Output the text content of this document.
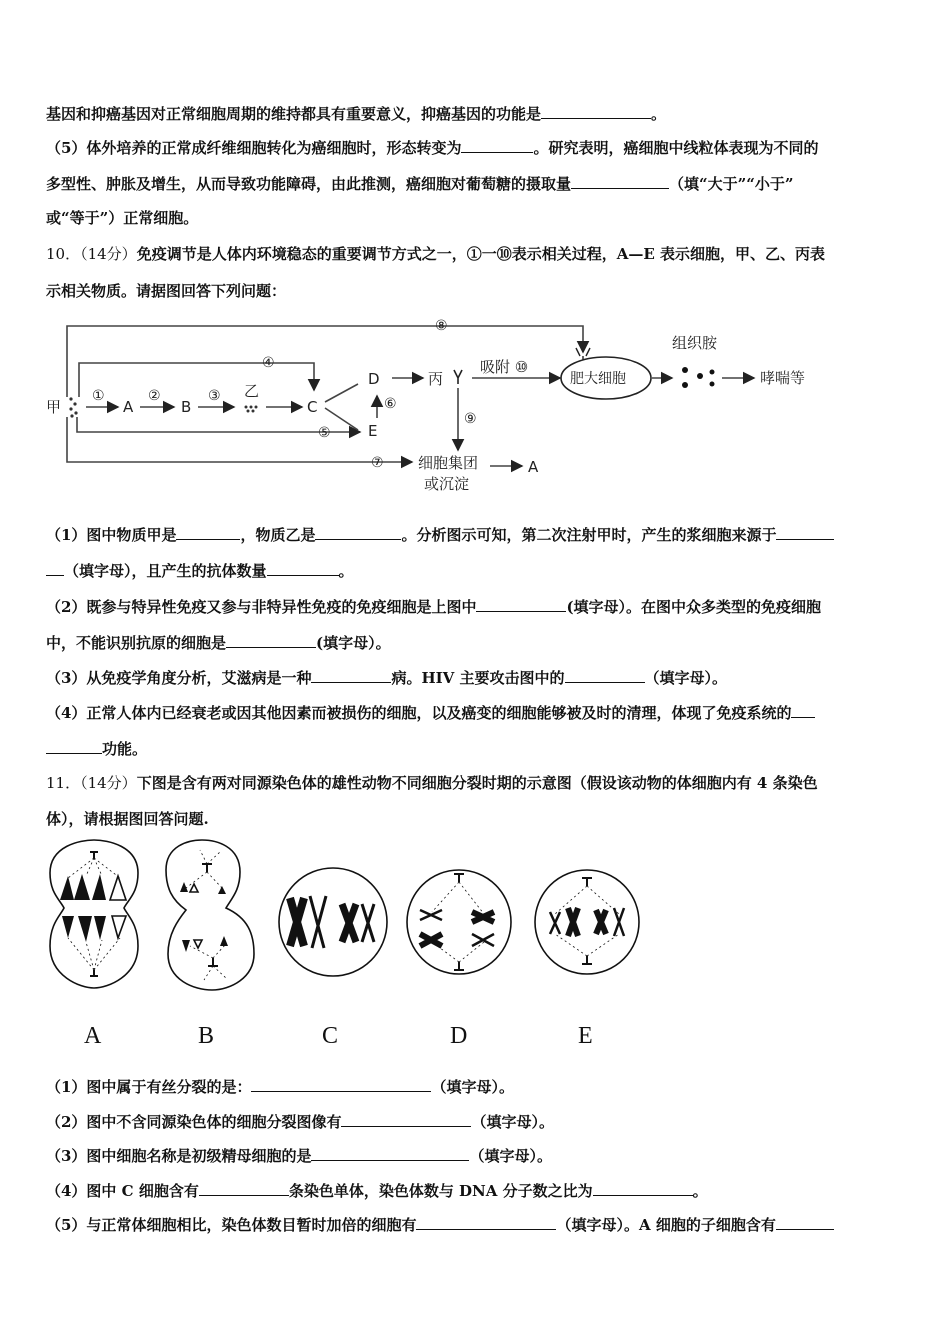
基因和抑癌基因对正常细胞周期的维持都具有重要意义，抑癌基因的功能是	。
（5）体外培养的正常成纤维细胞转化为癌细胞时，形态转变为	。研究表明，癌细胞中线粒体表现为不同的
多型性、肿胀及增生，从而导致功能障碍，由此推测，癌细胞对葡萄糖的摄取量	（填“大于”“小于”
或“等于”）正常细胞。
10．（14分）免疫调节是人体内环境稳态的重要调节方式之一，①一⑩表示相关过程，A—E 表示细胞，甲、乙、丙表
示相关物质。请据图回答下列问题：
甲
①
A
②
B
③ 乙
C
④
⑤
D
E
⑥
丙
吸附 ⑩
⑨
⑧
肥大细胞
组织胺
哮喘等
⑦ 细胞集团
或沉淀
A
（1）图中物质甲是	，物质乙是	。分析图示可知，第二次注射甲时，产生的浆细胞来源于
（填字母），且产生的抗体数量	。
（2）既参与特异性免疫又参与非特异性免疫的免疫细胞是上图中	(填字母）。在图中众多类型的免疫细胞
中，不能识别抗原的细胞是	(填字母）。
（3）从免疫学角度分析，艾滋病是一种	病。HIV 主要攻击图中的	（填字母）。
（4）正常人体内已经衰老或因其他因素而被损伤的细胞，以及癌变的细胞能够被及时的清理，体现了免疫系统的
功能。
11．（14分）下图是含有两对同源染色体的雄性动物不同细胞分裂时期的示意图（假设该动物的体细胞内有 4 条染色
体），请根据图回答问题.
A	B	C	D	E
（1）图中属于有丝分裂的是：	（填字母）。
（2）图中不含同源染色体的细胞分裂图像有	（填字母）。
（3）图中细胞名称是初级精母细胞的是	（填字母）。
（4）图中 C 细胞含有	条染色单体，染色体数与 DNA 分子数之比为	。
（5）与正常体细胞相比，染色体数目暂时加倍的细胞有	（填字母）。A 细胞的子细胞含有
